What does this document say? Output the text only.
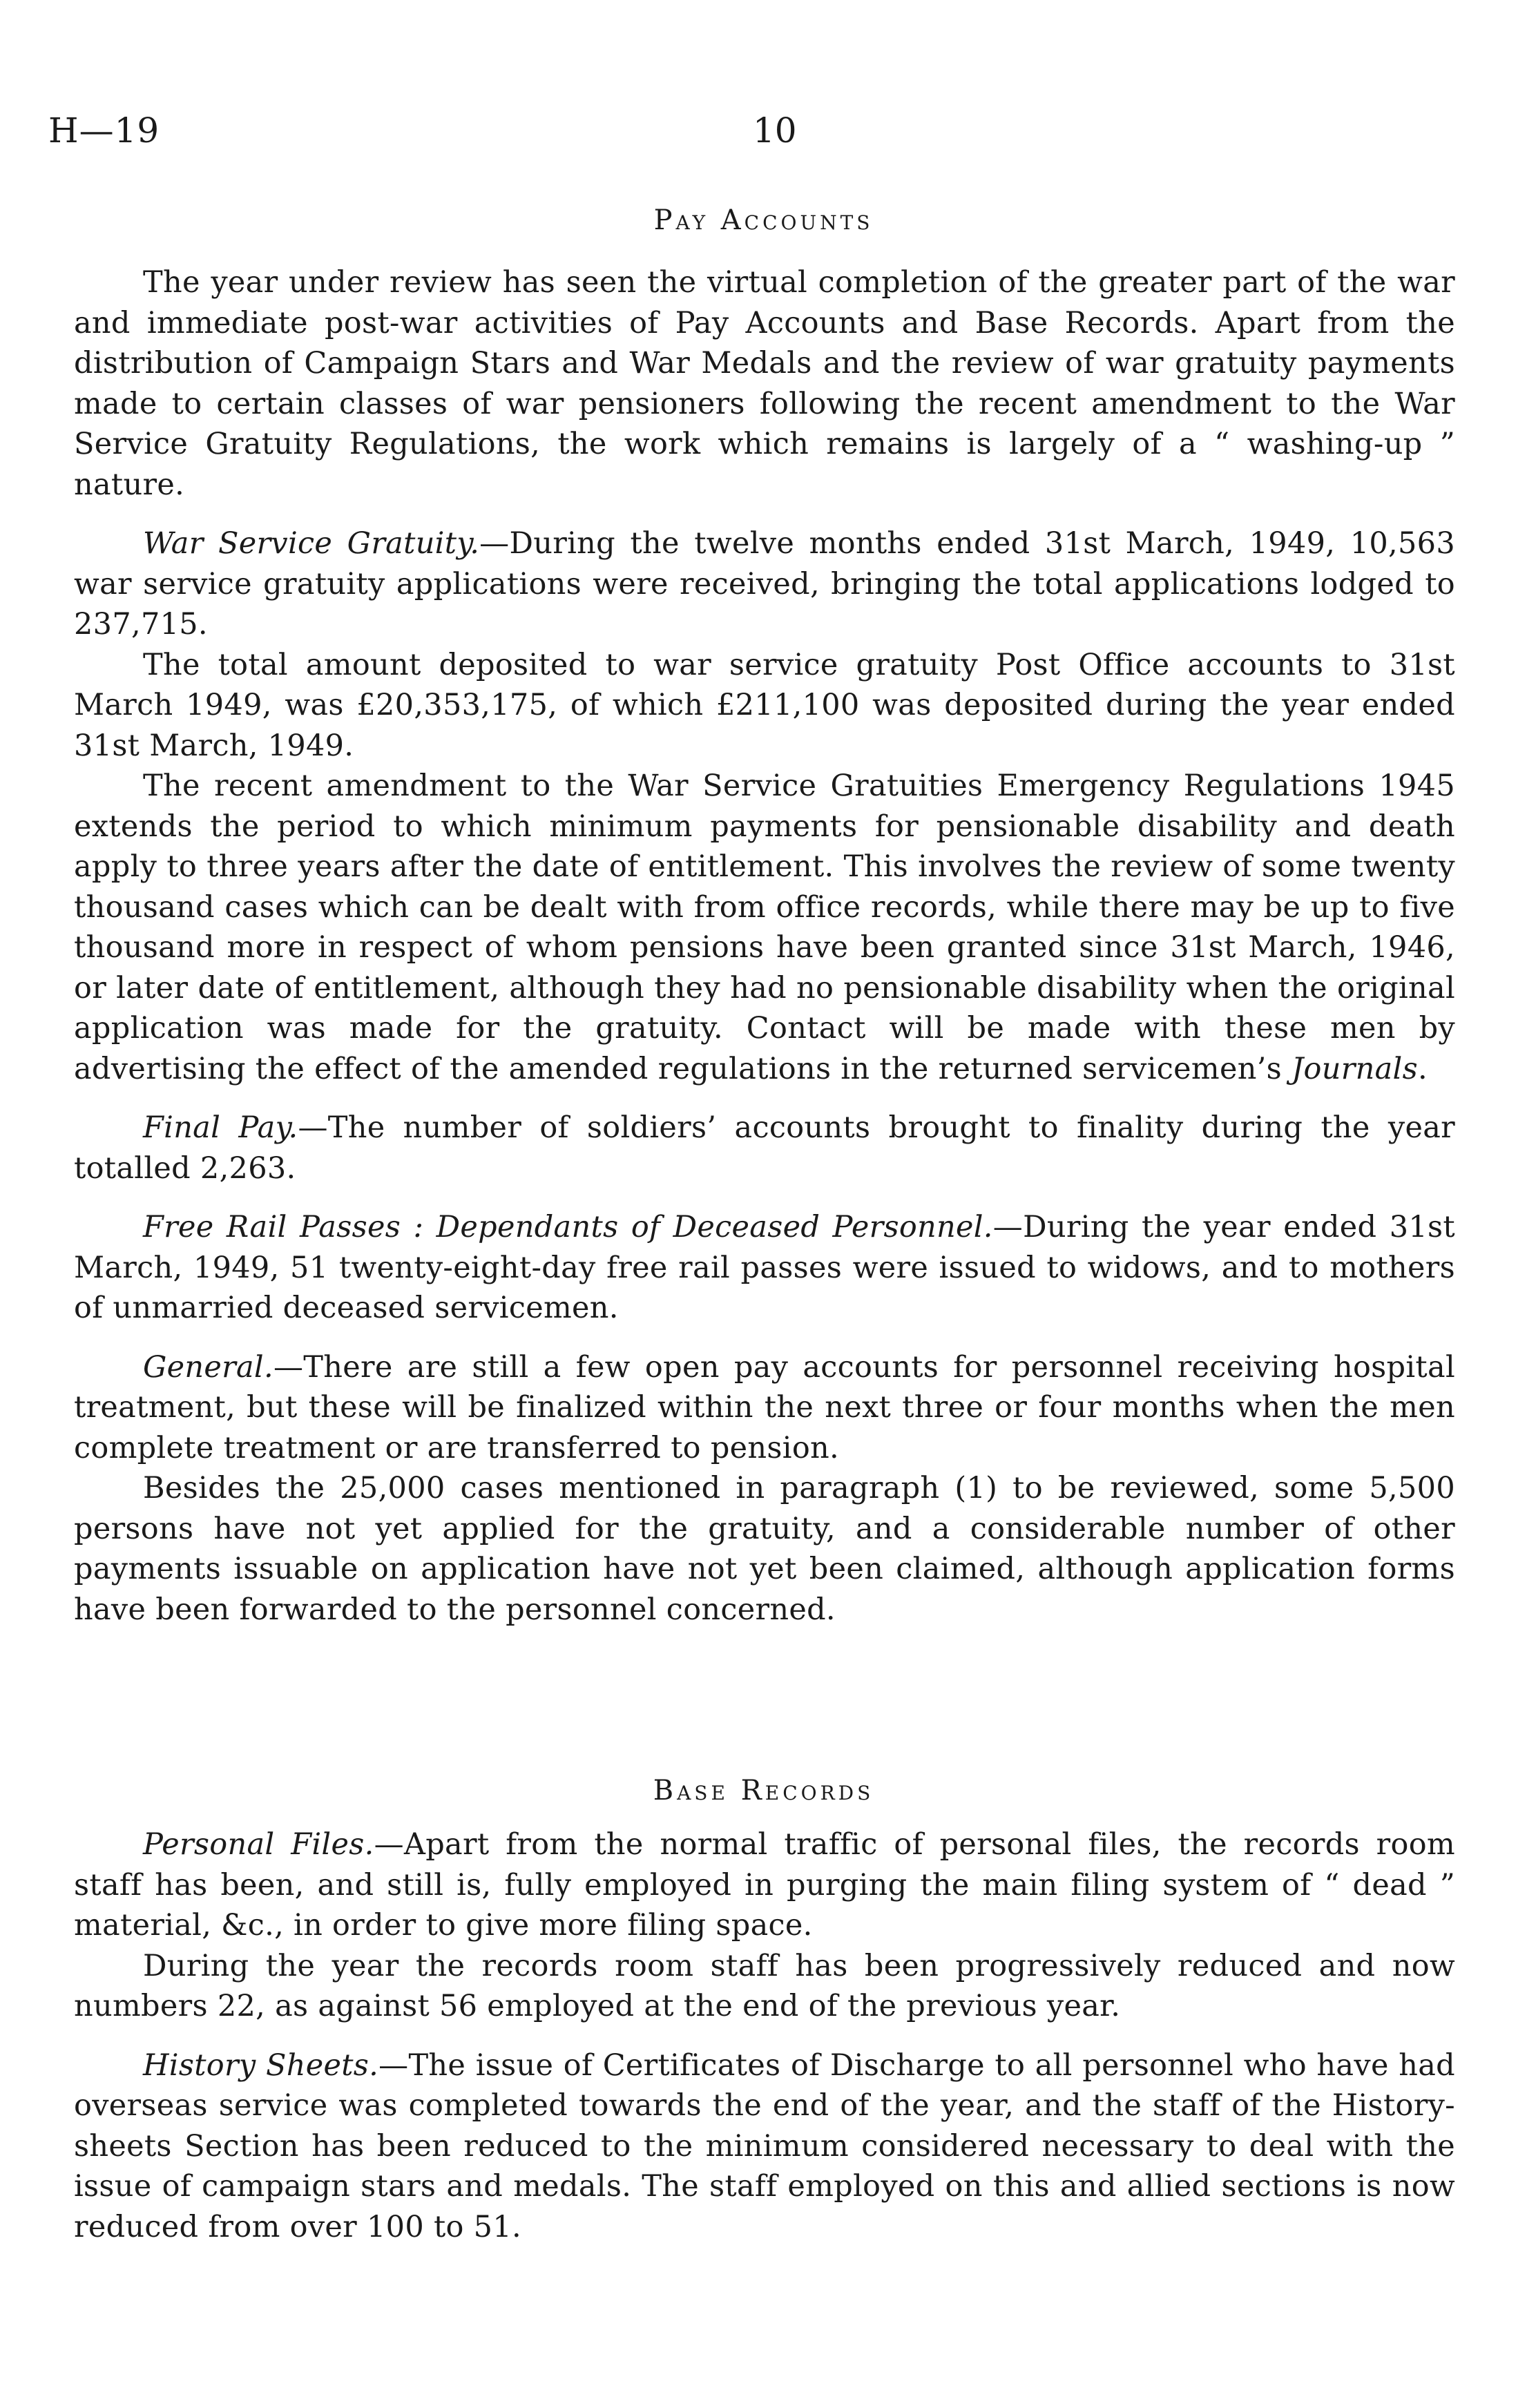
H—19	10
Pay Accounts

The year under review has seen the virtual completion of the greater part of the war and immediate post-war activities of Pay Accounts and Base Records. Apart from the distribution of Campaign Stars and War Medals and the review of war gratuity payments made to certain classes of war pensioners following the recent amendment to the War Service Gratuity Regulations, the work which remains is largely of a “ washing-up ” nature.

War Service Gratuity.—During the twelve months ended 31st March, 1949, 10,563 war service gratuity applications were received, bringing the total applications lodged to 237,715.

The total amount deposited to war service gratuity Post Office accounts to 31st March 1949, was £20,353,175, of which £211,100 was deposited during the year ended 31st March, 1949.

The recent amendment to the War Service Gratuities Emergency Regulations 1945 extends the period to which minimum payments for pensionable disability and death apply to three years after the date of entitlement. This involves the review of some twenty thousand cases which can be dealt with from office records, while there may be up to five thousand more in respect of whom pensions have been granted since 31st March, 1946, or later date of entitlement, although they had no pensionable disability when the original application was made for the gratuity. Contact will be made with these men by advertising the effect of the amended regulations in the returned servicemen’s Journals.

Final Pay.—The number of soldiers’ accounts brought to finality during the year totalled 2,263.

Free Rail Passes : Dependants of Deceased Personnel.—During the year ended 31st March, 1949, 51 twenty-eight-day free rail passes were issued to widows, and to mothers of unmarried deceased servicemen.

General.—There are still a few open pay accounts for personnel receiving hospital treatment, but these will be finalized within the next three or four months when the men complete treatment or are transferred to pension.

Besides the 25,000 cases mentioned in paragraph (1) to be reviewed, some 5,500 persons have not yet applied for the gratuity, and a considerable number of other payments issuable on application have not yet been claimed, although application forms have been forwarded to the personnel concerned.

Base Records

Personal Files.—Apart from the normal traffic of personal files, the records room staff has been, and still is, fully employed in purging the main filing system of “ dead ” material, &c., in order to give more filing space.

During the year the records room staff has been progressively reduced and now numbers 22, as against 56 employed at the end of the previous year.

History Sheets.—The issue of Certificates of Discharge to all personnel who have had overseas service was completed towards the end of the year, and the staff of the History-sheets Section has been reduced to the minimum considered necessary to deal with the issue of campaign stars and medals. The staff employed on this and allied sections is now reduced from over 100 to 51.
